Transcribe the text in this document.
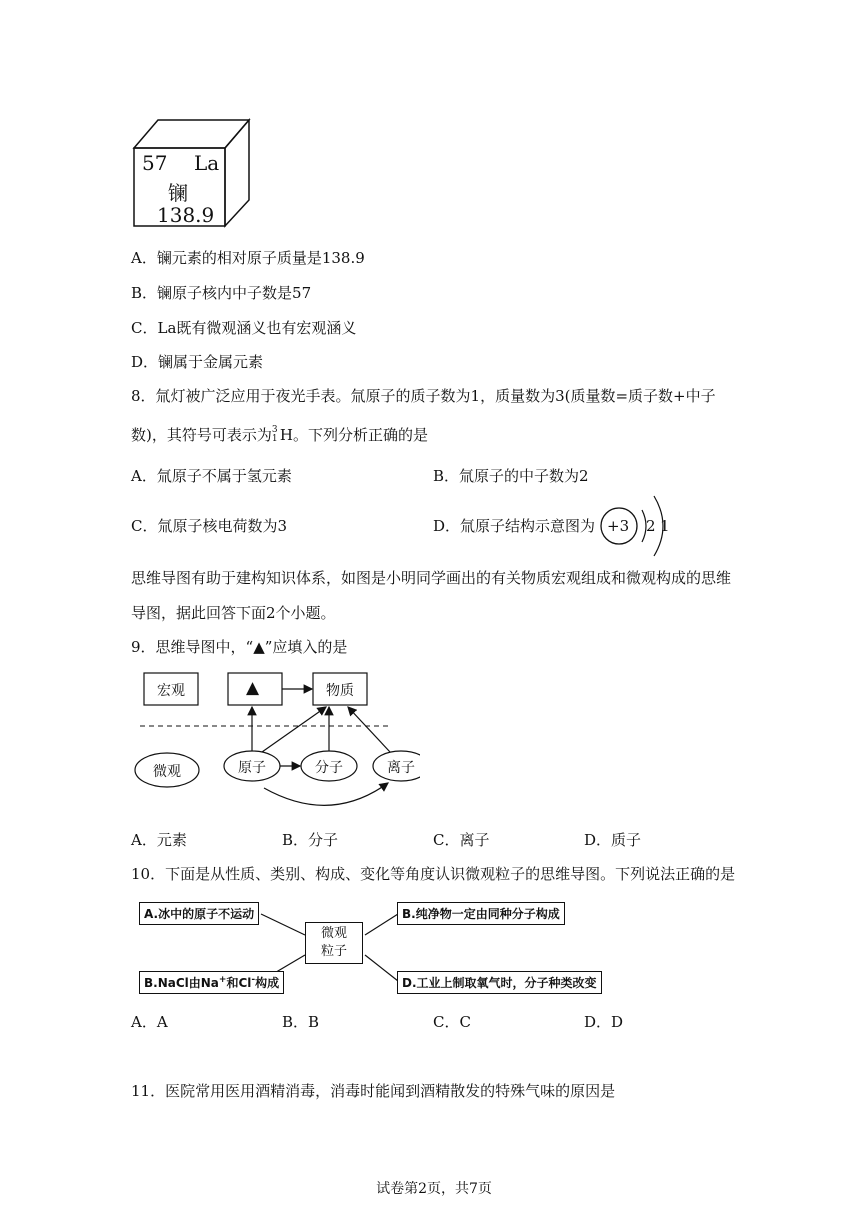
57 La
镧
138.9
A．镧元素的相对原子质量是138.9
B．镧原子核内中子数是57
C．La既有微观涵义也有宏观涵义
D．镧属于金属元素
8．氚灯被广泛应用于夜光手表。氚原子的质子数为1，质量数为3(质量数=质子数+中子
数)，其符号可表示为 3
1 H。下列分析正确的是
A．氚原子不属于氢元素	B．氚原子的中子数为2
C．氚原子核电荷数为3	D．氚原子结构示意图为 +3 2 1
思维导图有助于建构知识体系，如图是小明同学画出的有关物质宏观组成和微观构成的思维
导图，据此回答下面2个小题。
9．思维导图中，“▲”应填入的是
宏观	▲	物质
微观	原子	分子	离子
A．元素	B．分子	C．离子	D．质子
10．下面是从性质、类别、构成、变化等角度认识微观粒子的思维导图。下列说法正确的是
A.冰中的原子不运动	B.纯净物一定由同种分子构成
B.NaCl由Na+和Cl-构成	D.工业上制取氧气时，分子种类改变
微观
粒子
A．A	B．B	C．C	D．D
11．医院常用医用酒精消毒，消毒时能闻到酒精散发的特殊气味的原因是
试卷第2页，共7页
